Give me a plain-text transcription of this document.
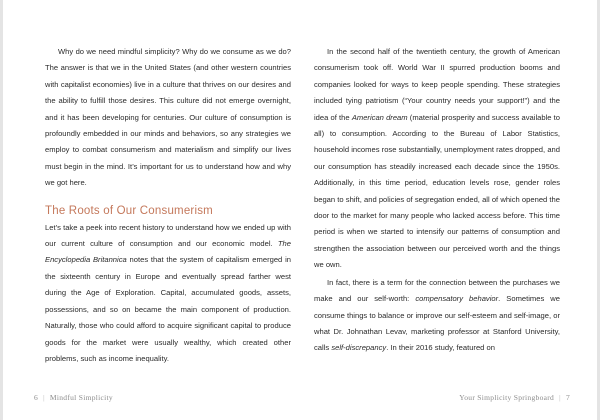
Why do we need mindful simplicity? Why do we consume as we do? The answer is that we in the United States (and other western countries with capitalist economies) live in a culture that thrives on our desires and the ability to fulfill those desires. This culture did not emerge overnight, and it has been developing for centuries. Our culture of consumption is profoundly embedded in our minds and behaviors, so any strategies we employ to combat consumerism and materialism and simplify our lives must begin in the mind. It’s important for us to understand how and why we got here.

The Roots of Our Consumerism

Let’s take a peek into recent history to understand how we ended up with our current culture of consumption and our economic model. The Encyclopedia Britannica notes that the system of capitalism emerged in the sixteenth century in Europe and eventually spread farther west during the Age of Exploration. Capital, accumulated goods, assets, possessions, and so on became the main component of production. Naturally, those who could afford to acquire significant capital to produce goods for the market were usually wealthy, which created other problems, such as income inequality.

In the second half of the twentieth century, the growth of American consumerism took off. World War II spurred production booms and companies looked for ways to keep people spending. These strategies included tying patriotism (“Your country needs your support!”) and the idea of the American dream (material prosperity and success available to all) to consumption. According to the Bureau of Labor Statistics, household incomes rose substantially, unemployment rates dropped, and our consumption has steadily increased each decade since the 1950s. Additionally, in this time period, education levels rose, gender roles began to shift, and policies of segregation ended, all of which opened the door to the market for many people who lacked access before. This time period is when we started to intensify our patterns of consumption and strengthen the association between our perceived worth and the things we own.

In fact, there is a term for the connection between the purchases we make and our self-worth: compensatory behavior. Sometimes we consume things to balance or improve our self-esteem and self-image, or what Dr. Johnathan Levav, marketing professor at Stanford University, calls self-discrepancy. In their 2016 study, featured on

6 | Mindful Simplicity	Your Simplicity Springboard | 7
